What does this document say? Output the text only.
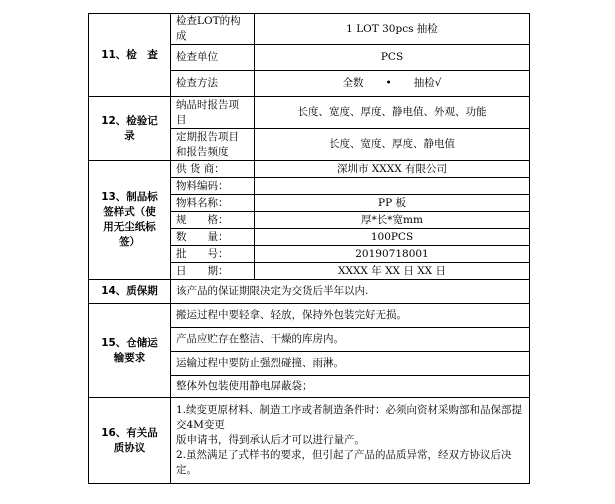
11、检　查	检查LOT的构成	1 LOT 30pcs 抽检
	检查单位	PCS
	检查方法	全数 • 抽检√
12、检验记录	纳品时报告项目	长度、宽度、厚度、静电值、外观、功能
	定期报告项目和报告频度	长度、宽度、厚度、静电值
13、制品标签样式（使用无尘纸标签）	供 货 商：	深圳市 XXXX 有限公司
	物料编码：	
	物料名称：	PP 板
	规　　格：	厚*长*宽mm
	数　　量：	100PCS
	批　　号：	20190718001
	日　　期：	XXXX 年 XX 日 XX 日
14、质保期	该产品的保证期限决定为交货后半年以内.	
15、仓储运输要求	搬运过程中要轻拿、轻放，保持外包装完好无损。	
	产品应贮存在整洁、干燥的库房内。	
	运输过程中要防止强烈碰撞、雨淋。	
	整体外包装使用静电屏蔽袋；	
16、有关品质协议	1.续变更原材料、制造工序或者制造条件时：必须向资材采购部和品保部提交4M变更
版申请书，得到承认后才可以进行量产。
2.虽然满足了式样书的要求，但引起了产品的品质异常，经双方协议后决定。	
